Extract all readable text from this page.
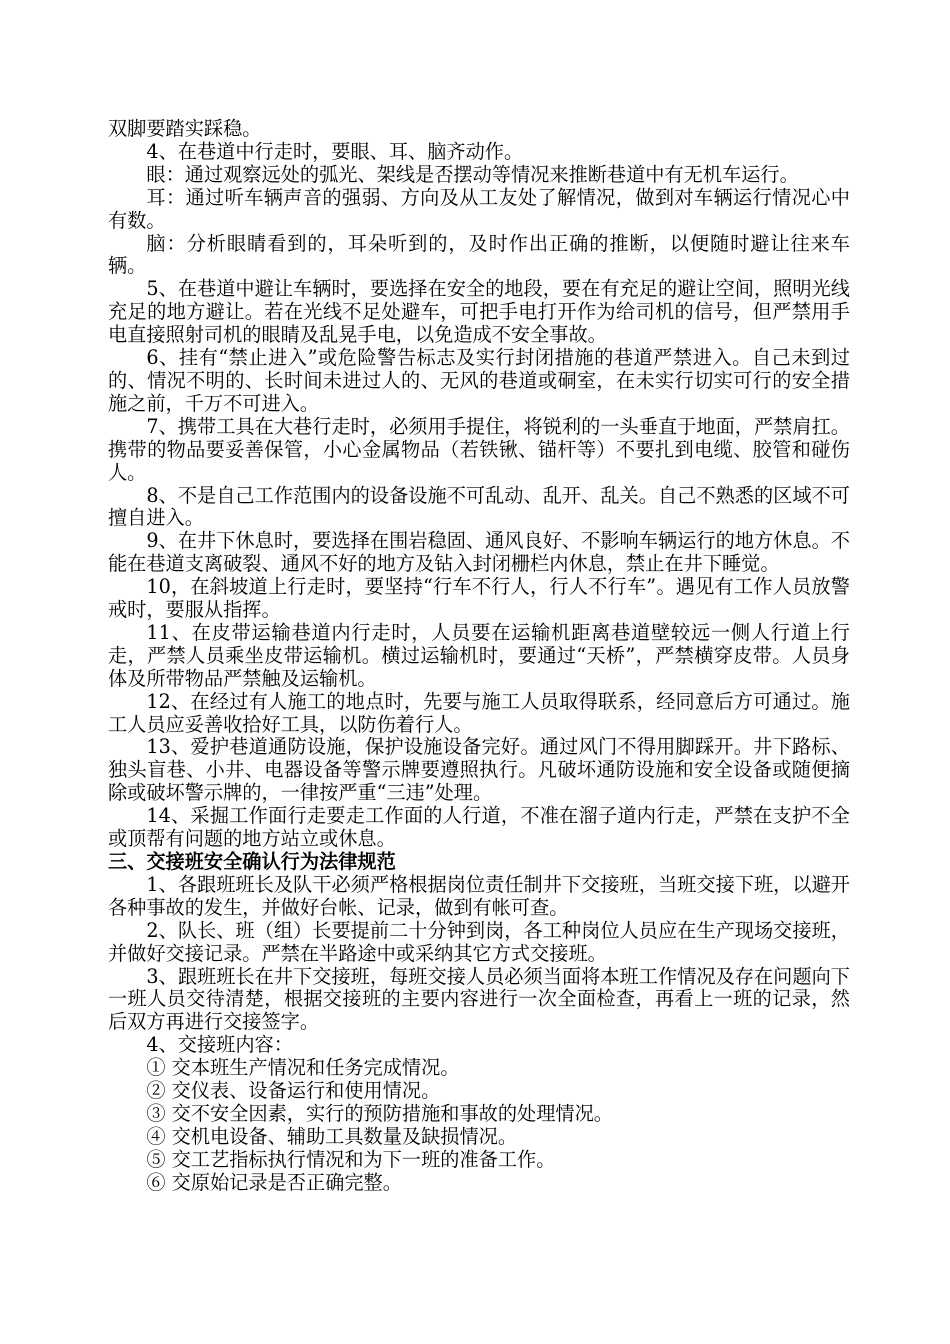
双脚要踏实踩稳。

4、在巷道中行走时，要眼、耳、脑齐动作。

眼：通过观察远处的弧光、架线是否摆动等情况来推断巷道中有无机车运行。

耳：通过听车辆声音的强弱、方向及从工友处了解情况，做到对车辆运行情况心中有数。

脑：分析眼睛看到的，耳朵听到的，及时作出正确的推断，以便随时避让往来车辆。

5、在巷道中避让车辆时，要选择在安全的地段，要在有充足的避让空间，照明光线充足的地方避让。若在光线不足处避车，可把手电打开作为给司机的信号，但严禁用手电直接照射司机的眼睛及乱晃手电，以免造成不安全事故。

6、挂有“禁止进入”或危险警告标志及实行封闭措施的巷道严禁进入。自己未到过的、情况不明的、长时间未进过人的、无风的巷道或硐室，在未实行切实可行的安全措施之前，千万不可进入。

7、携带工具在大巷行走时，必须用手提住，将锐利的一头垂直于地面，严禁肩扛。携带的物品要妥善保管，小心金属物品（若铁锹、锚杆等）不要扎到电缆、胶管和碰伤人。

8、不是自己工作范围内的设备设施不可乱动、乱开、乱关。自己不熟悉的区域不可擅自进入。

9、在井下休息时，要选择在围岩稳固、通风良好、不影响车辆运行的地方休息。不能在巷道支离破裂、通风不好的地方及钻入封闭栅栏内休息，禁止在井下睡觉。

10，在斜坡道上行走时，要坚持“行车不行人，行人不行车”。遇见有工作人员放警戒时，要服从指挥。

11、在皮带运输巷道内行走时，人员要在运输机距离巷道壁较远一侧人行道上行走，严禁人员乘坐皮带运输机。横过运输机时，要通过“天桥”，严禁横穿皮带。人员身体及所带物品严禁触及运输机。

12、在经过有人施工的地点时，先要与施工人员取得联系，经同意后方可通过。施工人员应妥善收拾好工具，以防伤着行人。

13、爱护巷道通防设施，保护设施设备完好。通过风门不得用脚踩开。井下路标、独头盲巷、小井、电器设备等警示牌要遵照执行。凡破坏通防设施和安全设备或随便摘除或破坏警示牌的，一律按严重“三违”处理。

14、采掘工作面行走要走工作面的人行道，不准在溜子道内行走，严禁在支护不全或顶帮有问题的地方站立或休息。

三、交接班安全确认行为法律规范

1、各跟班班长及队干必须严格根据岗位责任制井下交接班，当班交接下班，以避开各种事故的发生，并做好台帐、记录，做到有帐可查。

2、队长、班（组）长要提前二十分钟到岗，各工种岗位人员应在生产现场交接班，并做好交接记录。严禁在半路途中或采纳其它方式交接班。

3、跟班班长在井下交接班，每班交接人员必须当面将本班工作情况及存在问题向下一班人员交待清楚，根据交接班的主要内容进行一次全面检查，再看上一班的记录，然后双方再进行交接签字。

4、交接班内容：

① 交本班生产情况和任务完成情况。

② 交仪表、设备运行和使用情况。

③ 交不安全因素，实行的预防措施和事故的处理情况。

④ 交机电设备、辅助工具数量及缺损情况。

⑤ 交工艺指标执行情况和为下一班的准备工作。

⑥ 交原始记录是否正确完整。
